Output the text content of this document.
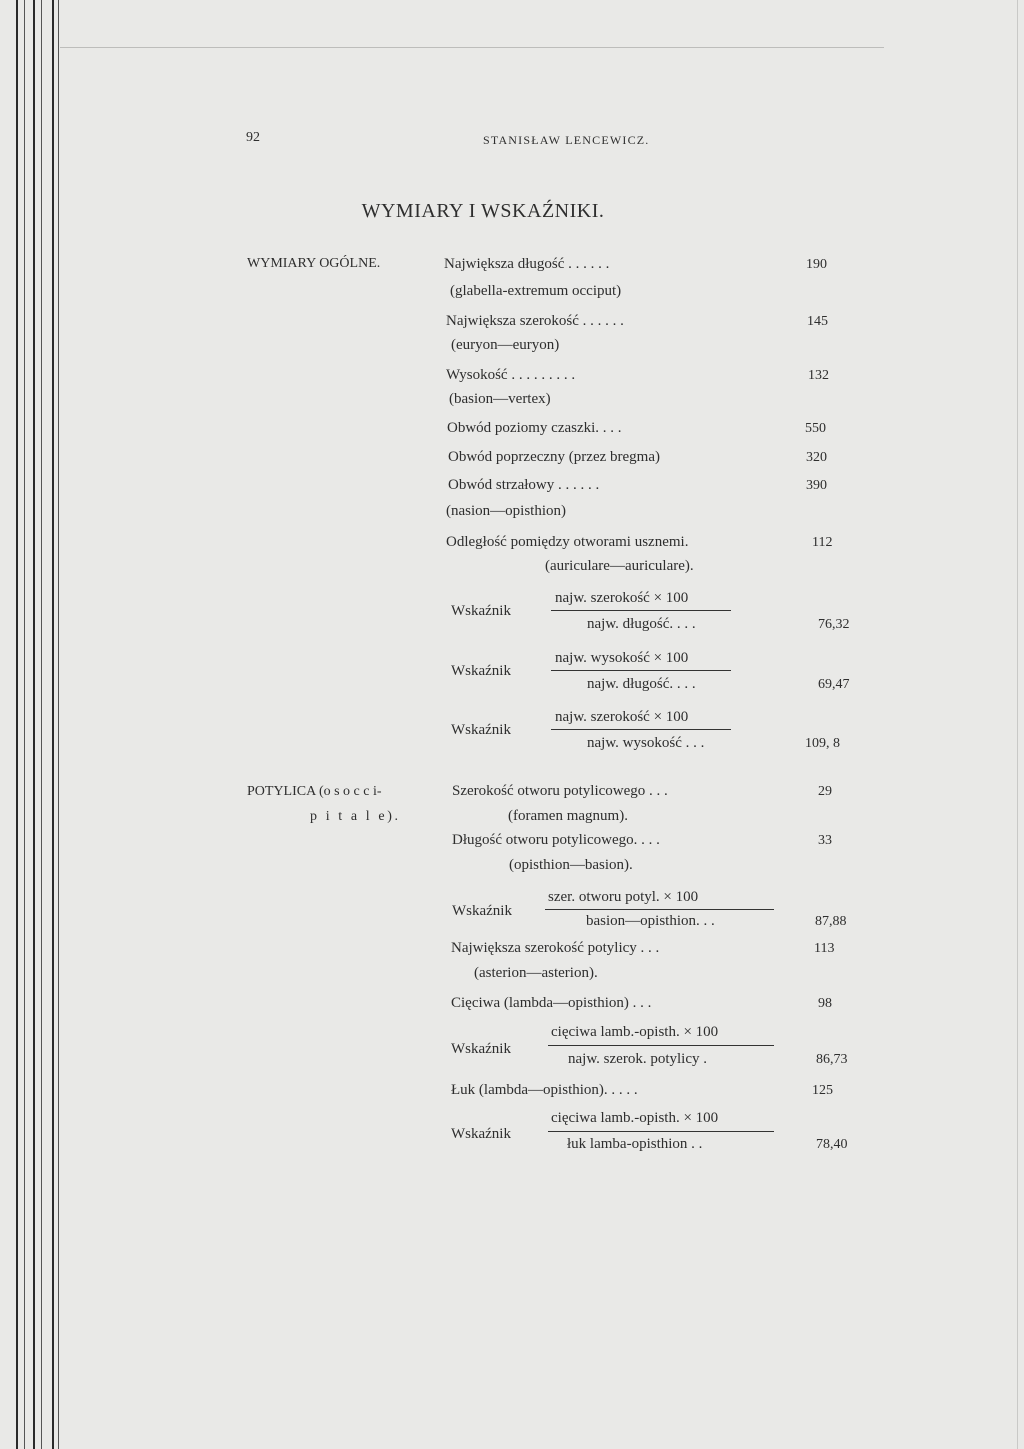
92	STANISŁAW LENCEWICZ.
WYMIARY I WSKAŹNIKI.
WYMIARY OGÓLNE.	Największa długość . . . . . .	190
(glabella-extremum occiput)
Największa szerokość . . . . . .	145
(euryon—euryon)
Wysokość . . . . . . . . .	132
(basion—vertex)
Obwód poziomy czaszki. . . .	550
Obwód poprzeczny (przez bregma)	320
Obwód strzałowy . . . . . .	390
(nasion—opisthion)
Odległość pomiędzy otworami usznemi.	112
(auriculare—auriculare).
Wskaźnik
najw. szerokość × 100
najw. długość. . . .	76,32
Wskaźnik
najw. wysokość × 100
najw. długość. . . .	69,47
Wskaźnik
najw. szerokość × 100
najw. wysokość . . .	109, 8
POTYLICA (o s o c c i-
p i t a l e).
Szerokość otworu potylicowego . . .	29
(foramen magnum).
Długość otworu potylicowego. . . .	33
(opisthion—basion).
Wskaźnik
szer. otworu potyl. × 100
basion—opisthion. . .	87,88
Największa szerokość potylicy . . .	113
(asterion—asterion).
Cięciwa (lambda—opisthion) . . .	98
Wskaźnik
cięciwa lamb.-opisth. × 100
najw. szerok. potylicy .	86,73
Łuk (lambda—opisthion). . . . .	125
Wskaźnik
cięciwa lamb.-opisth. × 100
łuk lamba-opisthion . .	78,40
